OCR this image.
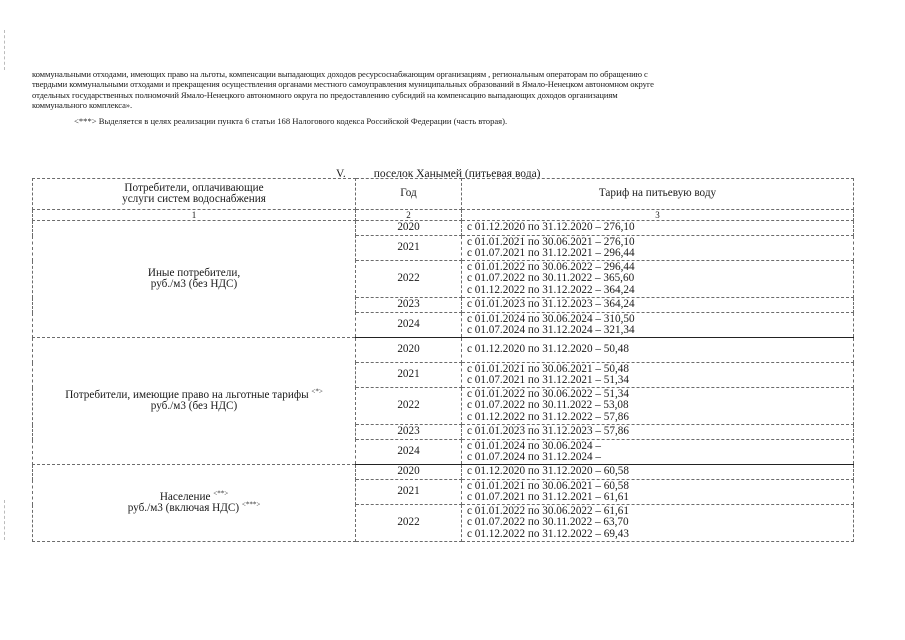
коммунальными отходами, имеющих право на льготы, компенсации выпадающих доходов ресурсоснабжающим организациям , региональным операторам по обращению с

твердыми коммунальными отходами и прекращения осуществления органами местного самоуправления муниципальных образований в Ямало-Ненецком автономном округе

отдельных государственных полномочий Ямало-Ненецкого автономного округа по предоставлению субсидий на компенсацию выпадающих доходов организациям

коммунального комплекса».

<***> Выделяется в целях реализации пункта 6 статьи 168 Налогового кодекса Российской Федерации (часть вторая).
V. поселок Ханымей (питьевая вода)
Потребители, оплачивающие
услуги систем водоснабжения	Год	Тариф на питьевую воду
1	2	3

Иные потребители,
руб./м3 (без НДС)	2020	с 01.12.2020 по 31.12.2020 – 276,10

	2021	с 01.01.2021 по 30.06.2021 – 276,10
с 01.07.2021 по 31.12.2021 – 296,44

	2022	с 01.01.2022 по 30.06.2022 – 296,44
с 01.07.2022 по 30.11.2022 – 365,60
с 01.12.2022 по 31.12.2022 – 364,24

	2023	с 01.01.2023 по 31.12.2023 – 364,24

	2024	с 01.01.2024 по 30.06.2024 – 310,50
с 01.07.2024 по 31.12.2024 – 321,34

Потребители, имеющие право на льготные тарифы <*>
руб./м3 (без НДС)	2020	с 01.12.2020 по 31.12.2020 – 50,48

	2021	с 01.01.2021 по 30.06.2021 – 50,48
с 01.07.2021 по 31.12.2021 – 51,34

	2022	с 01.01.2022 по 30.06.2022 – 51,34
с 01.07.2022 по 30.11.2022 – 53,08
с 01.12.2022 по 31.12.2022 – 57,86

	2023	с 01.01.2023 по 31.12.2023 – 57,86

	2024	с 01.01.2024 по 30.06.2024 –
с 01.07.2024 по 31.12.2024 –

Население <**>
руб./м3 (включая НДС) <***>	2020	с 01.12.2020 по 31.12.2020 – 60,58

	2021	с 01.01.2021 по 30.06.2021 – 60,58
с 01.07.2021 по 31.12.2021 – 61,61

	2022	с 01.01.2022 по 30.06.2022 – 61,61
с 01.07.2022 по 30.11.2022 – 63,70
с 01.12.2022 по 31.12.2022 – 69,43
